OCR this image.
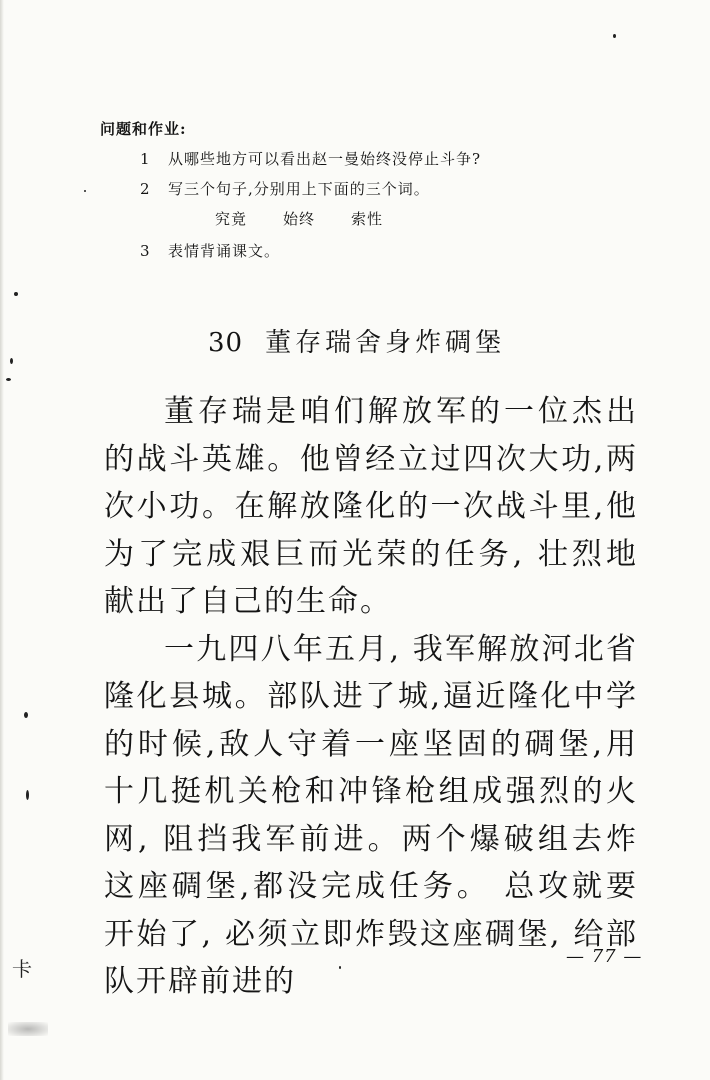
问题和作业:
1 从哪些地方可以看出赵一曼始终没停止斗争?
2 写三个句子,分别用上下面的三个词。
究竟 始终 索性
3 表情背诵课文。
30 董存瑞舍身炸碉堡

董存瑞是咱们解放军的一位杰出的战斗英雄。他曾经立过四次大功,两次小功。在解放隆化的一次战斗里,他为了完成艰巨而光荣的任务, 壮烈地献出了自己的生命。

一九四八年五月, 我军解放河北省隆化县城。部队进了城,逼近隆化中学的时候,敌人守着一座坚固的碉堡,用十几挺机关枪和冲锋枪组成强烈的火网, 阻挡我军前进。两个爆破组去炸这座碉堡,都没完成任务。 总攻就要开始了, 必须立即炸毁这座碉堡, 给部队开辟前进的

卡
— 77 —
